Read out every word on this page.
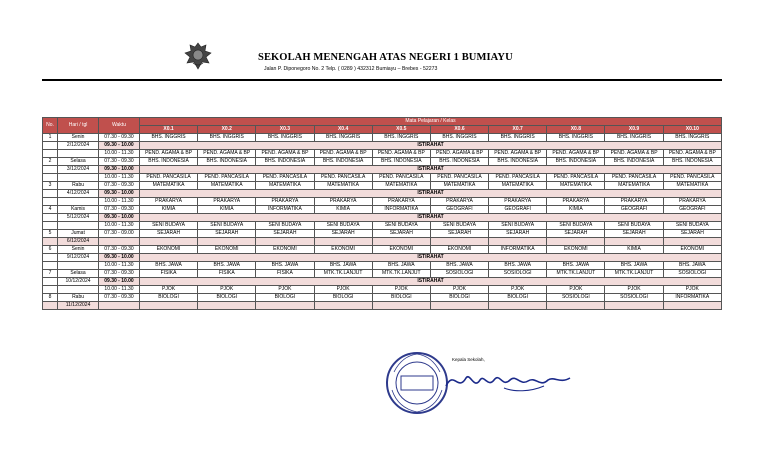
SEKOLAH MENENGAH ATAS NEGERI 1 BUMIAYU
Jalan P. Diponegoro No. 2 Telp. ( 0289 ) 432312 Bumiayu – Brebes - 52273
No.	Hari / tgl	Waktu	Mata Pelajaran / Kelas									
			X0.1	X0.2	X0.3	X0.4	X0.5	X0.6	X0.7	X0.8	X0.9	X0.10
1	Senin	07.30 - 09.30	BHS. INGGRIS	BHS. INGGRIS	BHS. INGGRIS	BHS. INGGRIS	BHS. INGGRIS	BHS. INGGRIS	BHS. INGGRIS	BHS. INGGRIS	BHS. INGGRIS	BHS. INGGRIS
	2/12/2024	09.30 - 10.00	ISTIRAHAT									
		10.00 - 11.30	PEND. AGAMA & BP	PEND. AGAMA & BP	PEND. AGAMA & BP	PEND. AGAMA & BP	PEND. AGAMA & BP	PEND. AGAMA & BP	PEND. AGAMA & BP	PEND. AGAMA & BP	PEND. AGAMA & BP	PEND. AGAMA & BP
2	Selasa	07.30 - 09.30	BHS. INDONESIA	BHS. INDONESIA	BHS. INDONESIA	BHS. INDONESIA	BHS. INDONESIA	BHS. INDONESIA	BHS. INDONESIA	BHS. INDONESIA	BHS. INDONESIA	BHS. INDONESIA
	3/12/2024	09.30 - 10.00	ISTIRAHAT									
		10.00 - 11.30	PEND. PANCASILA	PEND. PANCASILA	PEND. PANCASILA	PEND. PANCASILA	PEND. PANCASILA	PEND. PANCASILA	PEND. PANCASILA	PEND. PANCASILA	PEND. PANCASILA	PEND. PANCASILA
3	Rabu	07.30 - 09.30	MATEMATIKA	MATEMATIKA	MATEMATIKA	MATEMATIKA	MATEMATIKA	MATEMATIKA	MATEMATIKA	MATEMATIKA	MATEMATIKA	MATEMATIKA
	4/12/2024	09.30 - 10.00	ISTIRAHAT									
		10.00 - 11.30	PRAKARYA	PRAKARYA	PRAKARYA	PRAKARYA	PRAKARYA	PRAKARYA	PRAKARYA	PRAKARYA	PRAKARYA	PRAKARYA
4	Kamis	07.30 - 09.30	KIMIA	KIMIA	INFORMATIKA	KIMIA	INFORMATIKA	GEOGRAFI	GEOGRAFI	KIMIA	GEOGRAFI	GEOGRAFI
	5/12/2024	09.30 - 10.00	ISTIRAHAT									
		10.00 - 11.30	SENI BUDAYA	SENI BUDAYA	SENI BUDAYA	SENI BUDAYA	SENI BUDAYA	SENI BUDAYA	SENI BUDAYA	SENI BUDAYA	SENI BUDAYA	SENI BUDAYA
5	Jumat	07.30 - 09.00	SEJARAH	SEJARAH	SEJARAH	SEJARAH	SEJARAH	SEJARAH	SEJARAH	SEJARAH	SEJARAH	SEJARAH
	6/12/2024											
6	Senin	07.30 - 09.30	EKONOMI	EKONOMI	EKONOMI	EKONOMI	EKONOMI	EKONOMI	INFORMATIKA	EKONOMI	KIMIA	EKONOMI
	9/12/2024	09.30 - 10.00	ISTIRAHAT									
		10.00 - 11.30	BHS. JAWA	BHS. JAWA	BHS. JAWA	BHS. JAWA	BHS. JAWA	BHS. JAWA	BHS. JAWA	BHS. JAWA	BHS. JAWA	BHS. JAWA
7	Selasa	07.30 - 09.30	FISIKA	FISIKA	FISIKA	MTK.TK.LANJUT	MTK.TK.LANJUT	SOSIOLOGI	SOSIOLOGI	MTK.TK.LANJUT	MTK.TK.LANJUT	SOSIOLOGI
	10/12/2024	09.30 - 10.00	ISTIRAHAT									
		10.00 - 11.30	PJOK	PJOK	PJOK	PJOK	PJOK	PJOK	PJOK	PJOK	PJOK	PJOK
8	Rabu	07.30 - 09.30	BIOLOGI	BIOLOGI	BIOLOGI	BIOLOGI	BIOLOGI	BIOLOGI	BIOLOGI	SOSIOLOGI	SOSIOLOGI	INFORMATIKA
	11/12/2024											
Kepala Sekolah,
